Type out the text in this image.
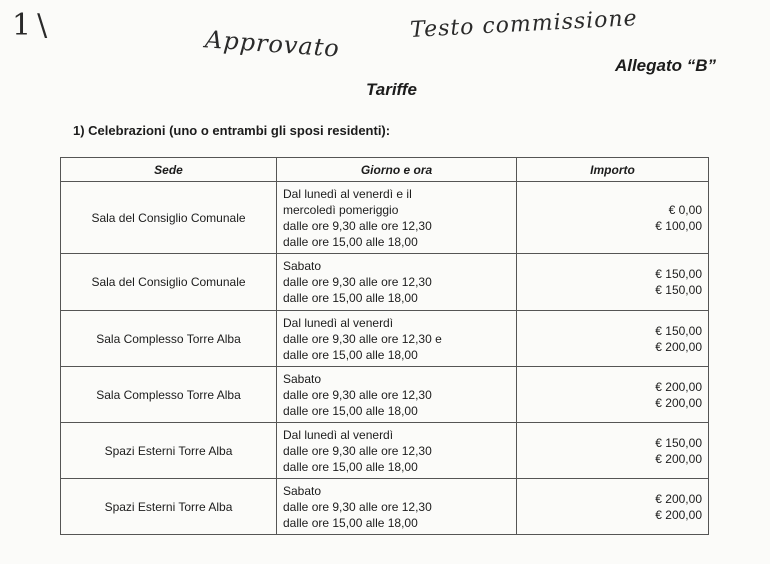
1\	Approvato
Testo commissione
Allegato “B”
Tariffe
1) Celebrazioni (uno o entrambi gli sposi residenti):
Sede	Giorno e ora	Importo
Sala del Consiglio Comunale	Dal lunedì al venerdì e il
mercoledì pomeriggio
dalle ore 9,30 alle ore 12,30
dalle ore 15,00 alle 18,00	€ 0,00
€ 100,00

Sala del Consiglio Comunale	Sabato
dalle ore 9,30 alle ore 12,30
dalle ore 15,00 alle 18,00	€ 150,00
€ 150,00

Sala Complesso Torre Alba	Dal lunedì al venerdì
dalle ore 9,30 alle ore 12,30 e
dalle ore 15,00 alle 18,00	€ 150,00
€ 200,00

Sala Complesso Torre Alba	Sabato
dalle ore 9,30 alle ore 12,30
dalle ore 15,00 alle 18,00	€ 200,00
€ 200,00

Spazi Esterni Torre Alba	Dal lunedì al venerdì
dalle ore 9,30 alle ore 12,30
dalle ore 15,00 alle 18,00	€ 150,00
€ 200,00

Spazi Esterni Torre Alba	Sabato
dalle ore 9,30 alle ore 12,30
dalle ore 15,00 alle 18,00	€ 200,00
€ 200,00
